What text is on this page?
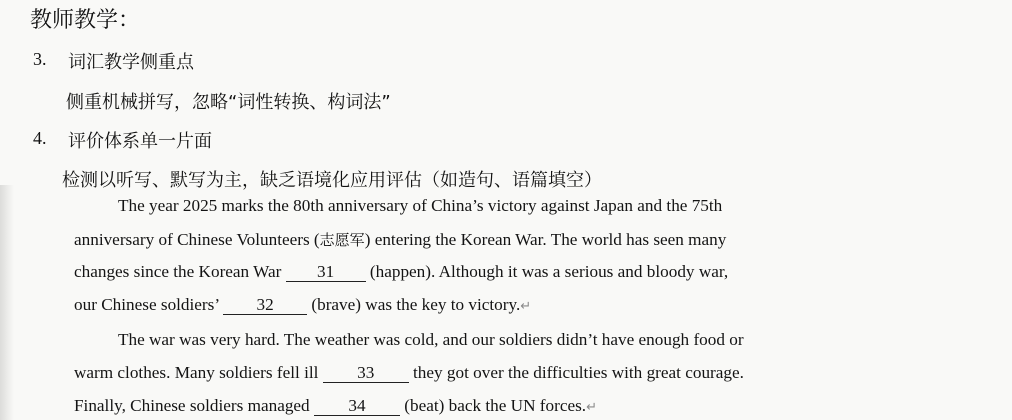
教师教学：
3. 词汇教学侧重点
侧重机械拼写，忽略“词性转换、构词法”
4. 评价体系单一片面
检测以听写、默写为主，缺乏语境化应用评估（如造句、语篇填空）
The year 2025 marks the 80th anniversary of China’s victory against Japan and the 75th
anniversary of Chinese Volunteers (志愿军) entering the Korean War. The world has seen many
changes since the Korean War 31 (happen). Although it was a serious and bloody war,
our Chinese soldiers’ 32 (brave) was the key to victory.↵
The war was very hard. The weather was cold, and our soldiers didn’t have enough food or
warm clothes. Many soldiers fell ill 33 they got over the difficulties with great courage.
Finally, Chinese soldiers managed 34 (beat) back the UN forces.↵
